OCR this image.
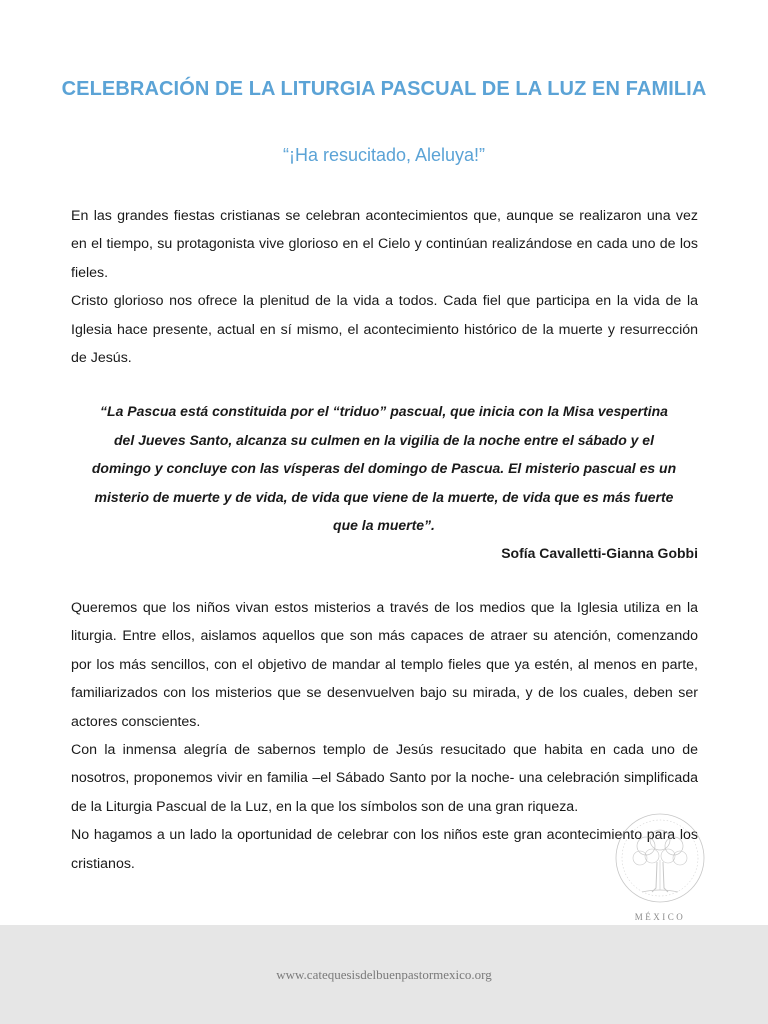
CELEBRACIÓN DE LA LITURGIA PASCUAL DE LA LUZ EN FAMILIA
“¡Ha resucitado, Aleluya!”
En las grandes fiestas cristianas se celebran acontecimientos que, aunque se realizaron una vez en el tiempo, su protagonista vive glorioso en el Cielo y continúan realizándose en cada uno de los fieles.
Cristo glorioso nos ofrece la plenitud de la vida a todos. Cada fiel que participa en la vida de la Iglesia hace presente, actual en sí mismo, el acontecimiento histórico de la muerte y resurrección de Jesús.

“La Pascua está constituida por el “triduo” pascual, que inicia con la Misa vespertina del Jueves Santo, alcanza su culmen en la vigilia de la noche entre el sábado y el domingo y concluye con las vísperas del domingo de Pascua. El misterio pascual es un misterio de muerte y de vida, de vida que viene de la muerte, de vida que es más fuerte que la muerte”.

Sofía Cavalletti-Gianna Gobbi
Queremos que los niños vivan estos misterios a través de los medios que la Iglesia utiliza en la liturgia. Entre ellos, aislamos aquellos que son más capaces de atraer su atención, comenzando por los más sencillos, con el objetivo de mandar al templo fieles que ya estén, al menos en parte, familiarizados con los misterios que se desenvuelven bajo su mirada, y de los cuales, deben ser actores conscientes.
Con la inmensa alegría de sabernos templo de Jesús resucitado que habita en cada uno de nosotros, proponemos vivir en familia –el Sábado Santo por la noche- una celebración simplificada de la Liturgia Pascual de la Luz, en la que los símbolos son de una gran riqueza.
No hagamos a un lado la oportunidad de celebrar con los niños este gran acontecimiento para los cristianos.
MÉXICO
www.catequesisdelbuenpastormexico.org
